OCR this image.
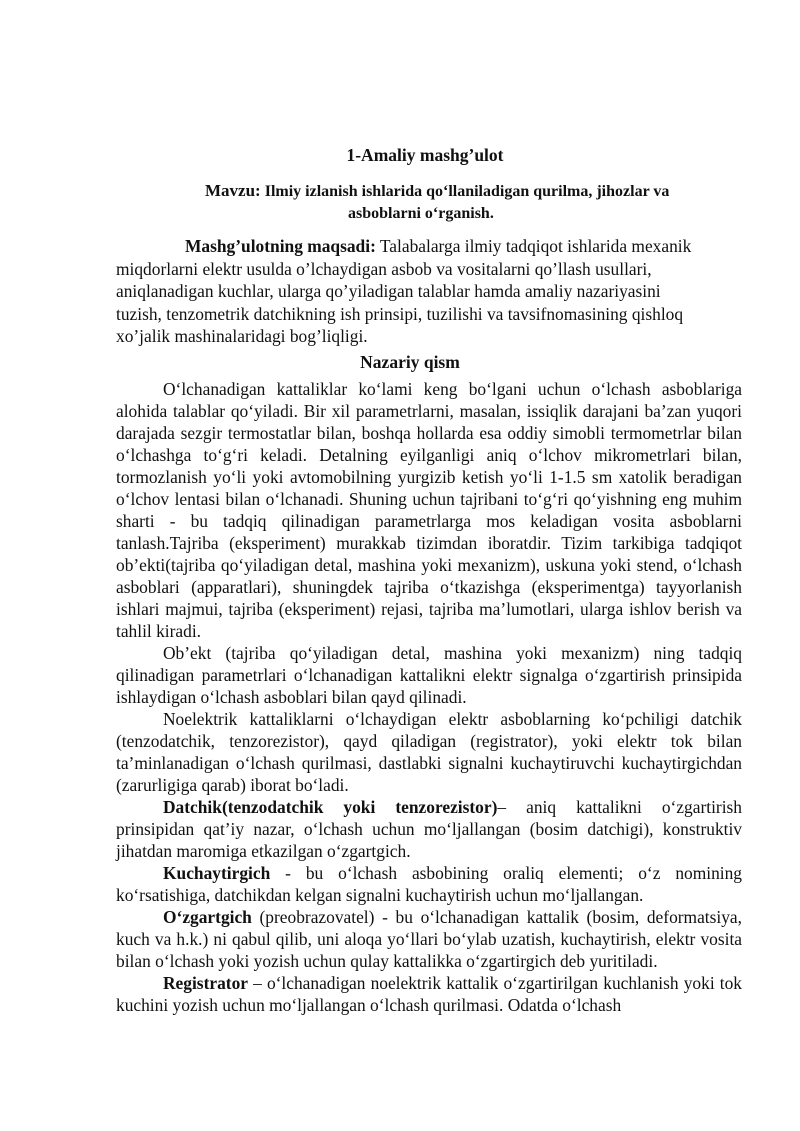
1-Amaliy mashg’ulot
Mavzu: Ilmiy izlanish ishlarida qo‘llaniladigan qurilma, jihozlar va
asboblarni o‘rganish.
Mashg’ulotning maqsadi: Talabalarga ilmiy tadqiqot ishlarida mexanik
miqdorlarni elektr usulda o’lchaydigan asbob va vositalarni qo’llash usullari,
aniqlanadigan kuchlar, ularga qo’yiladigan talablar hamda amaliy nazariyasini
tuzish, tenzometrik datchikning ish prinsipi, tuzilishi va tavsifnomasining qishloq
xo’jalik mashinalaridagi bog’liqligi.
Nazariy qism

O‘lchanadigan kattaliklar ko‘lami keng bo‘lgani uchun o‘lchash asboblariga alohida talablar qo‘yiladi. Bir xil parametrlarni, masalan, issiqlik darajani ba’zan yuqori darajada sezgir termostatlar bilan, boshqa hollarda esa oddiy simobli termometrlar bilan o‘lchashga to‘g‘ri keladi. Detalning eyilganligi aniq o‘lchov mikrometrlari bilan, tormozlanish yo‘li yoki avtomobilning yurgizib ketish yo‘li 1-1.5 sm xatolik beradigan o‘lchov lentasi bilan o‘lchanadi. Shuning uchun tajribani to‘g‘ri qo‘yishning eng muhim sharti - bu tadqiq qilinadigan parametrlarga mos keladigan vosita asboblarni tanlash.Tajriba (eksperiment) murakkab tizimdan iboratdir. Tizim tarkibiga tadqiqot ob’ekti(tajriba qo‘yiladigan detal, mashina yoki mexanizm), uskuna yoki stend, o‘lchash asboblari (apparatlari), shuningdek tajriba o‘tkazishga (eksperimentga) tayyorlanish ishlari majmui, tajriba (eksperiment) rejasi, tajriba ma’lumotlari, ularga ishlov berish va tahlil kiradi.

Ob’ekt (tajriba qo‘yiladigan detal, mashina yoki mexanizm) ning tadqiq qilinadigan parametrlari o‘lchanadigan kattalikni elektr signalga o‘zgartirish prinsipida ishlaydigan o‘lchash asboblari bilan qayd qilinadi.

Noelektrik kattaliklarni o‘lchaydigan elektr asboblarning ko‘pchiligi datchik (tenzodatchik, tenzorezistor), qayd qiladigan (registrator), yoki elektr tok bilan ta’minlanadigan o‘lchash qurilmasi, dastlabki signalni kuchaytiruvchi kuchaytirgichdan (zarurligiga qarab) iborat bo‘ladi.

Datchik(tenzodatchik yoki tenzorezistor)– aniq kattalikni o‘zgartirish prinsipidan qat’iy nazar, o‘lchash uchun mo‘ljallangan (bosim datchigi), konstruktiv jihatdan maromiga etkazilgan o‘zgartgich.

Kuchaytirgich - bu o‘lchash asbobining oraliq elementi; o‘z nomining ko‘rsatishiga, datchikdan kelgan signalni kuchaytirish uchun mo‘ljallangan.

O‘zgartgich (preobrazovatel) - bu o‘lchanadigan kattalik (bosim, deformatsiya, kuch va h.k.) ni qabul qilib, uni aloqa yo‘llari bo‘ylab uzatish, kuchaytirish, elektr vosita bilan o‘lchash yoki yozish uchun qulay kattalikka o‘zgartirgich deb yuritiladi.

Registrator – o‘lchanadigan noelektrik kattalik o‘zgartirilgan kuchlanish yoki tok kuchini yozish uchun mo‘ljallangan o‘lchash qurilmasi. Odatda o‘lchash
